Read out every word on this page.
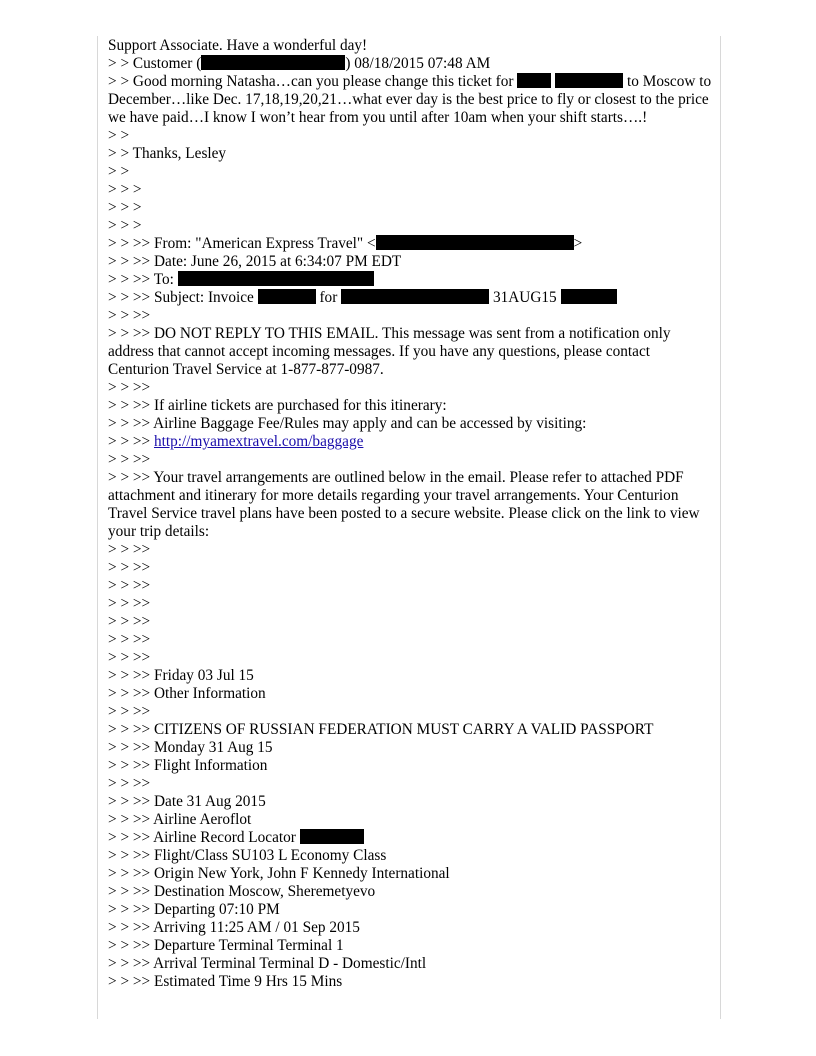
Support Associate. Have a wonderful day!

> > Customer (	) 08/18/2015 07:48 AM

> > Good morning Natasha…can you please change this ticket for	to Moscow to December…like Dec. 17,18,19,20,21…what ever day is the best price to fly or closest to the price we have paid…I know I won’t hear from you until after 10am when your shift starts….!

> >

> > Thanks, Lesley

> >

> > >

> > >

> > >

> > >> From: "American Express Travel" <	>

> > >> Date: June 26, 2015 at 6:34:07 PM EDT

> > >> To:

> > >> Subject: Invoice	for	31AUG15

> > >>

> > >> DO NOT REPLY TO THIS EMAIL. This message was sent from a notification only address that cannot accept incoming messages. If you have any questions, please contact Centurion Travel Service at 1-877-877-0987.

> > >>

> > >> If airline tickets are purchased for this itinerary:

> > >> Airline Baggage Fee/Rules may apply and can be accessed by visiting:

> > >> http://myamextravel.com/baggage

> > >>

> > >> Your travel arrangements are outlined below in the email. Please refer to attached PDF attachment and itinerary for more details regarding your travel arrangements. Your Centurion Travel Service travel plans have been posted to a secure website. Please click on the link to view your trip details:

> > >>

> > >>

> > >>

> > >>

> > >>

> > >>

> > >>

> > >> Friday 03 Jul 15

> > >> Other Information

> > >>

> > >> CITIZENS OF RUSSIAN FEDERATION MUST CARRY A VALID PASSPORT

> > >> Monday 31 Aug 15

> > >> Flight Information

> > >>

> > >> Date 31 Aug 2015

> > >> Airline Aeroflot

> > >> Airline Record Locator

> > >> Flight/Class SU103 L Economy Class

> > >> Origin New York, John F Kennedy International

> > >> Destination Moscow, Sheremetyevo

> > >> Departing 07:10 PM

> > >> Arriving 11:25 AM / 01 Sep 2015

> > >> Departure Terminal Terminal 1

> > >> Arrival Terminal Terminal D - Domestic/Intl

> > >> Estimated Time 9 Hrs 15 Mins
